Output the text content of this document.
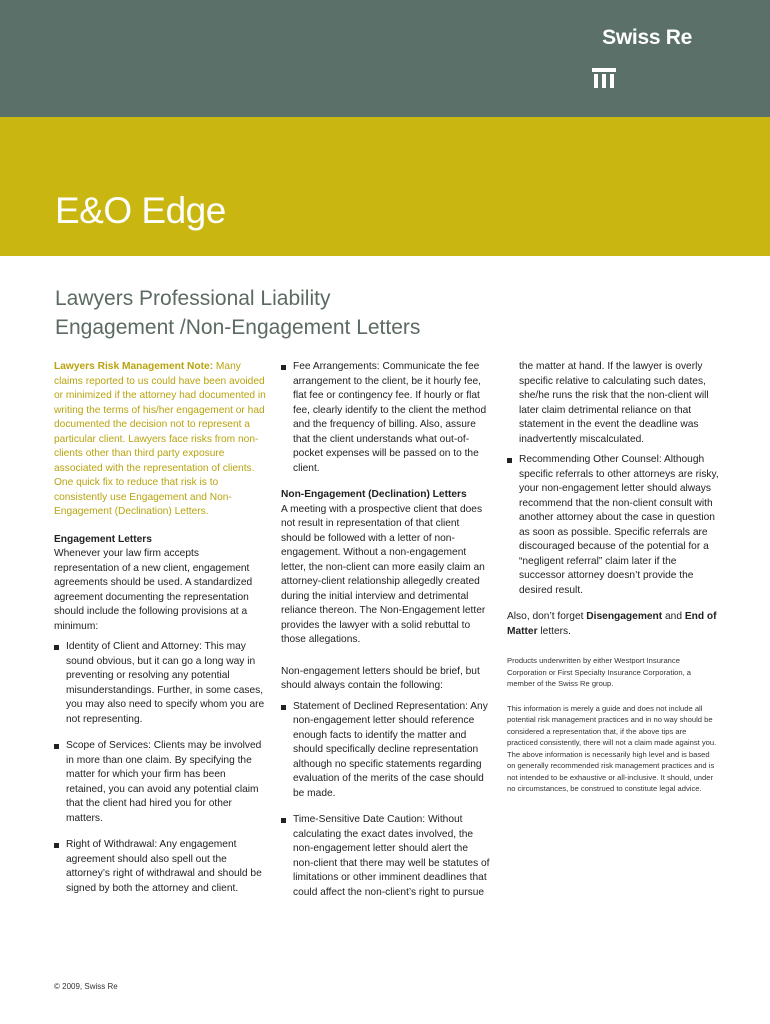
Swiss Re
E&O Edge
Lawyers Professional Liability
Engagement /Non-Engagement Letters

Lawyers Risk Management Note: Many claims reported to us could have been avoided or minimized if the attorney had documented in writing the terms of his/her engagement or had documented the decision not to represent a particular client. Lawyers face risks from non-clients other than third party exposure associated with the representation of clients. One quick fix to reduce that risk is to consistently use Engagement and Non-Engagement (Declination) Letters.

Engagement Letters

Whenever your law firm accepts representation of a new client, engagement agreements should be used. A standardized agreement documenting the representation should include the following provisions at a minimum:

Identity of Client and Attorney: This may sound obvious, but it can go a long way in preventing or resolving any potential misunderstandings. Further, in some cases, you may also need to specify whom you are not representing.
Scope of Services: Clients may be involved in more than one claim. By specifying the matter for which your firm has been retained, you can avoid any potential claim that the client had hired you for other matters.
Right of Withdrawal: Any engagement agreement should also spell out the attorney’s right of withdrawal and should be signed by both the attorney and client.
Fee Arrangements: Communicate the fee arrangement to the client, be it hourly fee, flat fee or contingency fee. If hourly or flat fee, clearly identify to the client the method and the frequency of billing. Also, assure that the client understands what out-of-pocket expenses will be passed on to the client.

Non-Engagement (Declination) Letters

A meeting with a prospective client that does not result in representation of that client should be followed with a letter of non-engagement. Without a non-engagement letter, the non-client can more easily claim an attorney-client relationship allegedly created during the initial interview and detrimental reliance thereon. The Non-Engagement letter provides the lawyer with a solid rebuttal to those allegations.

Non-engagement letters should be brief, but should always contain the following:

Statement of Declined Representation: Any non-engagement letter should reference enough facts to identify the matter and should specifically decline representation although no specific statements regarding evaluation of the merits of the case should be made.
Time-Sensitive Date Caution: Without calculating the exact dates involved, the non-engagement letter should alert the non-client that there may well be statutes of limitations or other imminent deadlines that could affect the non-client’s right to pursue

the matter at hand. If the lawyer is overly specific relative to calculating such dates, she/he runs the risk that the non-client will later claim detrimental reliance on that statement in the event the deadline was inadvertently miscalculated.

Recommending Other Counsel: Although specific referrals to other attorneys are risky, your non-engagement letter should always recommend that the non-client consult with another attorney about the case in question as soon as possible. Specific referrals are discouraged because of the potential for a “negligent referral” claim later if the successor attorney doesn’t provide the desired result.

Also, don’t forget Disengagement and End of Matter letters.

Products underwritten by either Westport Insurance Corporation or First Specialty Insurance Corporation, a member of the Swiss Re group.

This information is merely a guide and does not include all potential risk management practices and in no way should be considered a representation that, if the above tips are practiced consistently, there will not a claim made against you. The above information is necessarily high level and is based on generally recommended risk management practices and is not intended to be exhaustive or all-inclusive. It should, under no circumstances, be construed to constitute legal advice.

© 2009, Swiss Re
